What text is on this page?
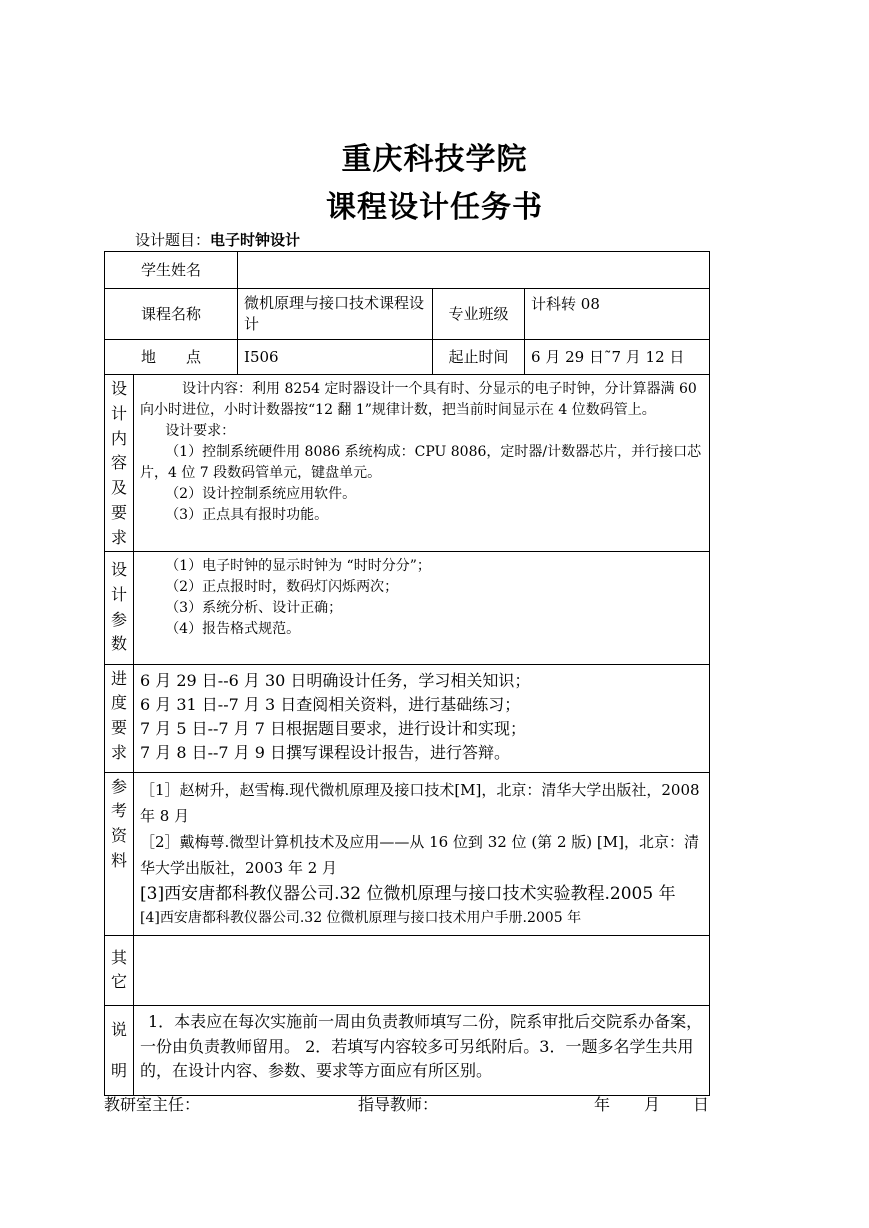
重庆科技学院
课程设计任务书
设计题目：电子时钟设计
学生姓名				
课程名称		微机原理与接口技术课程设计	专业班级	计科转 08
地　　点		I506	起止时间	6 月 29 日˜7 月 12 日
设计内容及要求	设计内容：利用 8254 定时器设计一个具有时、分显示的电子时钟，分计算器满 60 向小时进位，小时计数器按“12 翻 1”规律计数，把当前时间显示在 4 位数码管上。
设计要求：
（1）控制系统硬件用 8086 系统构成：CPU 8086，定时器/计数器芯片，并行接口芯片，4 位 7 段数码管单元，键盘单元。
（2）设计控制系统应用软件。
（3）正点具有报时功能。			

设计参数	（1）电子时钟的显示时钟为 “时时分分”；
（2）正点报时时，数码灯闪烁两次；
（3）系统分析、设计正确；
（4）报告格式规范。			

进度要求	6 月 29 日--6 月 30 日明确设计任务，学习相关知识；
6 月 31 日--7 月 3 日查阅相关资料，进行基础练习；
7 月 5 日--7 月 7 日根据题目要求，进行设计和实现；
7 月 8 日--7 月 9 日撰写课程设计报告，进行答辩。			

参考资料	［1］赵树升，赵雪梅.现代微机原理及接口技术[M]，北京：清华大学出版社，2008 年 8 月
［2］戴梅萼.微型计算机技术及应用——从 16 位到 32 位 (第 2 版) [M]，北京：清华大学出版社，2003 年 2 月
[3]西安唐都科教仪器公司.32 位微机原理与接口技术实验教程.2005 年
[4]西安唐都科教仪器公司.32 位微机原理与接口技术用户手册.2005 年			

其它				
说明	1．本表应在每次实施前一周由负责教师填写二份，院系审批后交院系办备案，一份由负责教师留用。 2．若填写内容较多可另纸附后。3．一题多名学生共用的，在设计内容、参数、要求等方面应有所区别。			
教研室主任：	指导教师：	年 月 日
